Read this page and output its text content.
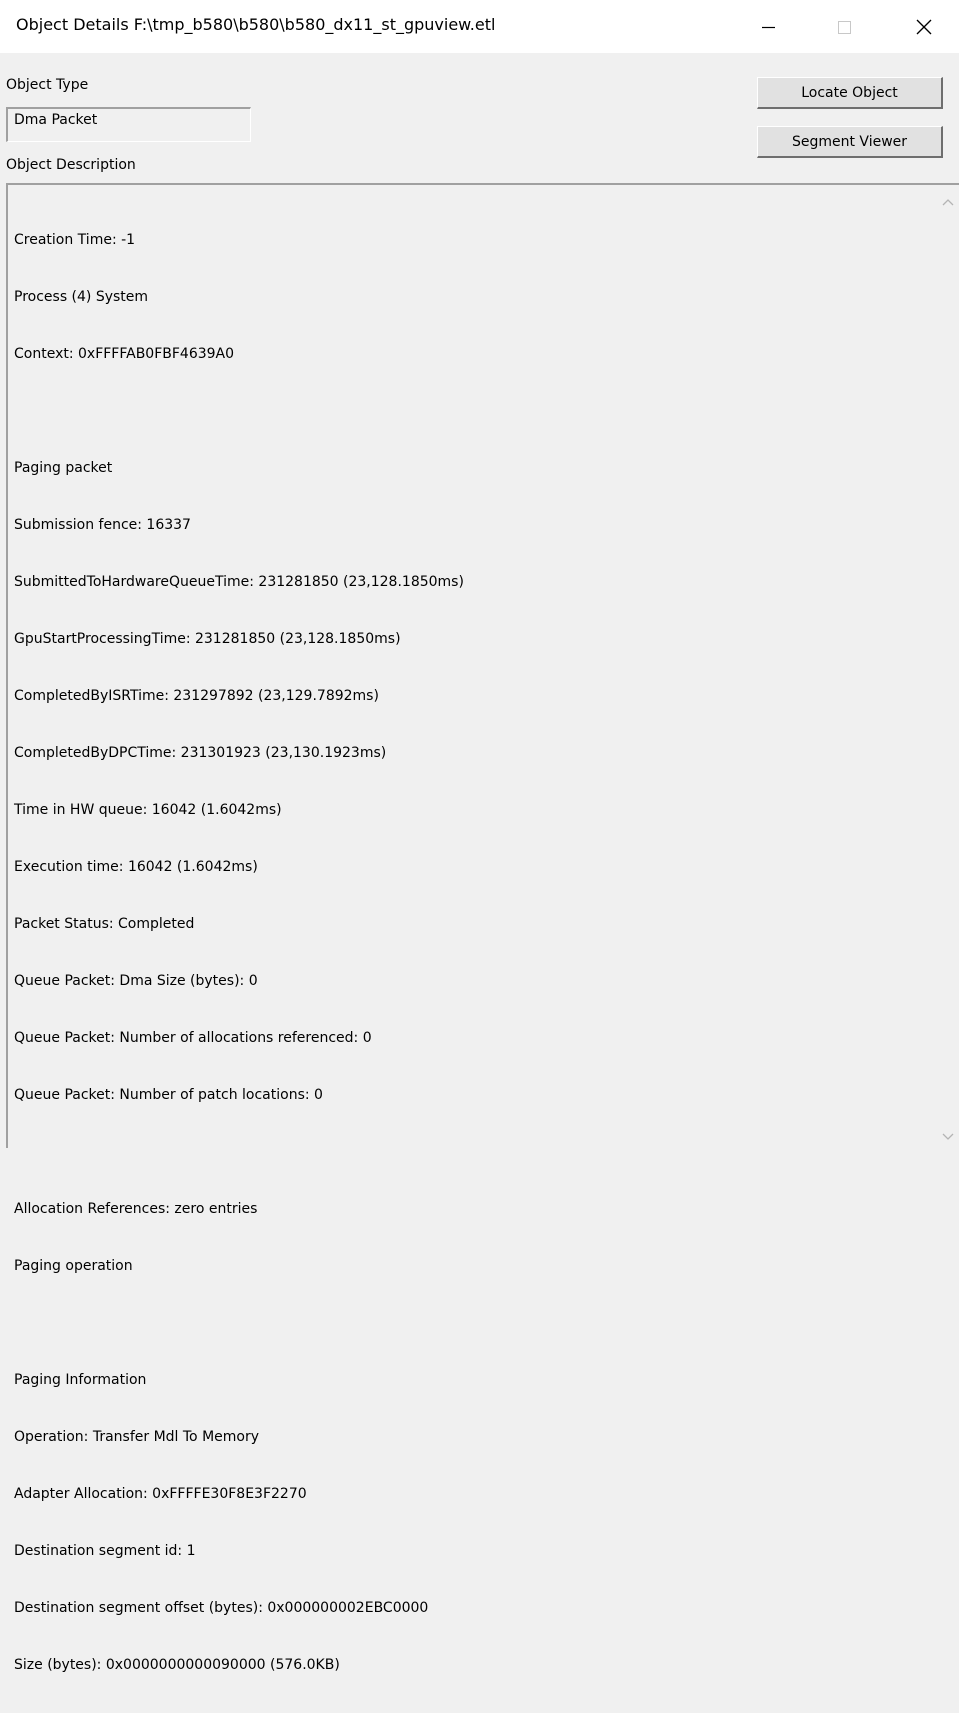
Object Details F:\tmp_b580\b580\b580_dx11_st_gpuview.etl
Object Type
Dma Packet
Locate Object
Segment Viewer
Object Description

Creation Time: -1

Process (4) System

Context: 0xFFFFAB0FBF4639A0

Paging packet

Submission fence: 16337

SubmittedToHardwareQueueTime: 231281850 (23,128.1850ms)

GpuStartProcessingTime: 231281850 (23,128.1850ms)

CompletedByISRTime: 231297892 (23,129.7892ms)

CompletedByDPCTime: 231301923 (23,130.1923ms)

Time in HW queue: 16042 (1.6042ms)

Execution time: 16042 (1.6042ms)

Packet Status: Completed

Queue Packet: Dma Size (bytes): 0

Queue Packet: Number of allocations referenced: 0

Queue Packet: Number of patch locations: 0

Allocation References: zero entries

Paging operation

Paging Information

Operation: Transfer Mdl To Memory

Adapter Allocation: 0xFFFFE30F8E3F2270

Destination segment id: 1

Destination segment offset (bytes): 0x000000002EBC0000

Size (bytes): 0x0000000000090000 (576.0KB)
